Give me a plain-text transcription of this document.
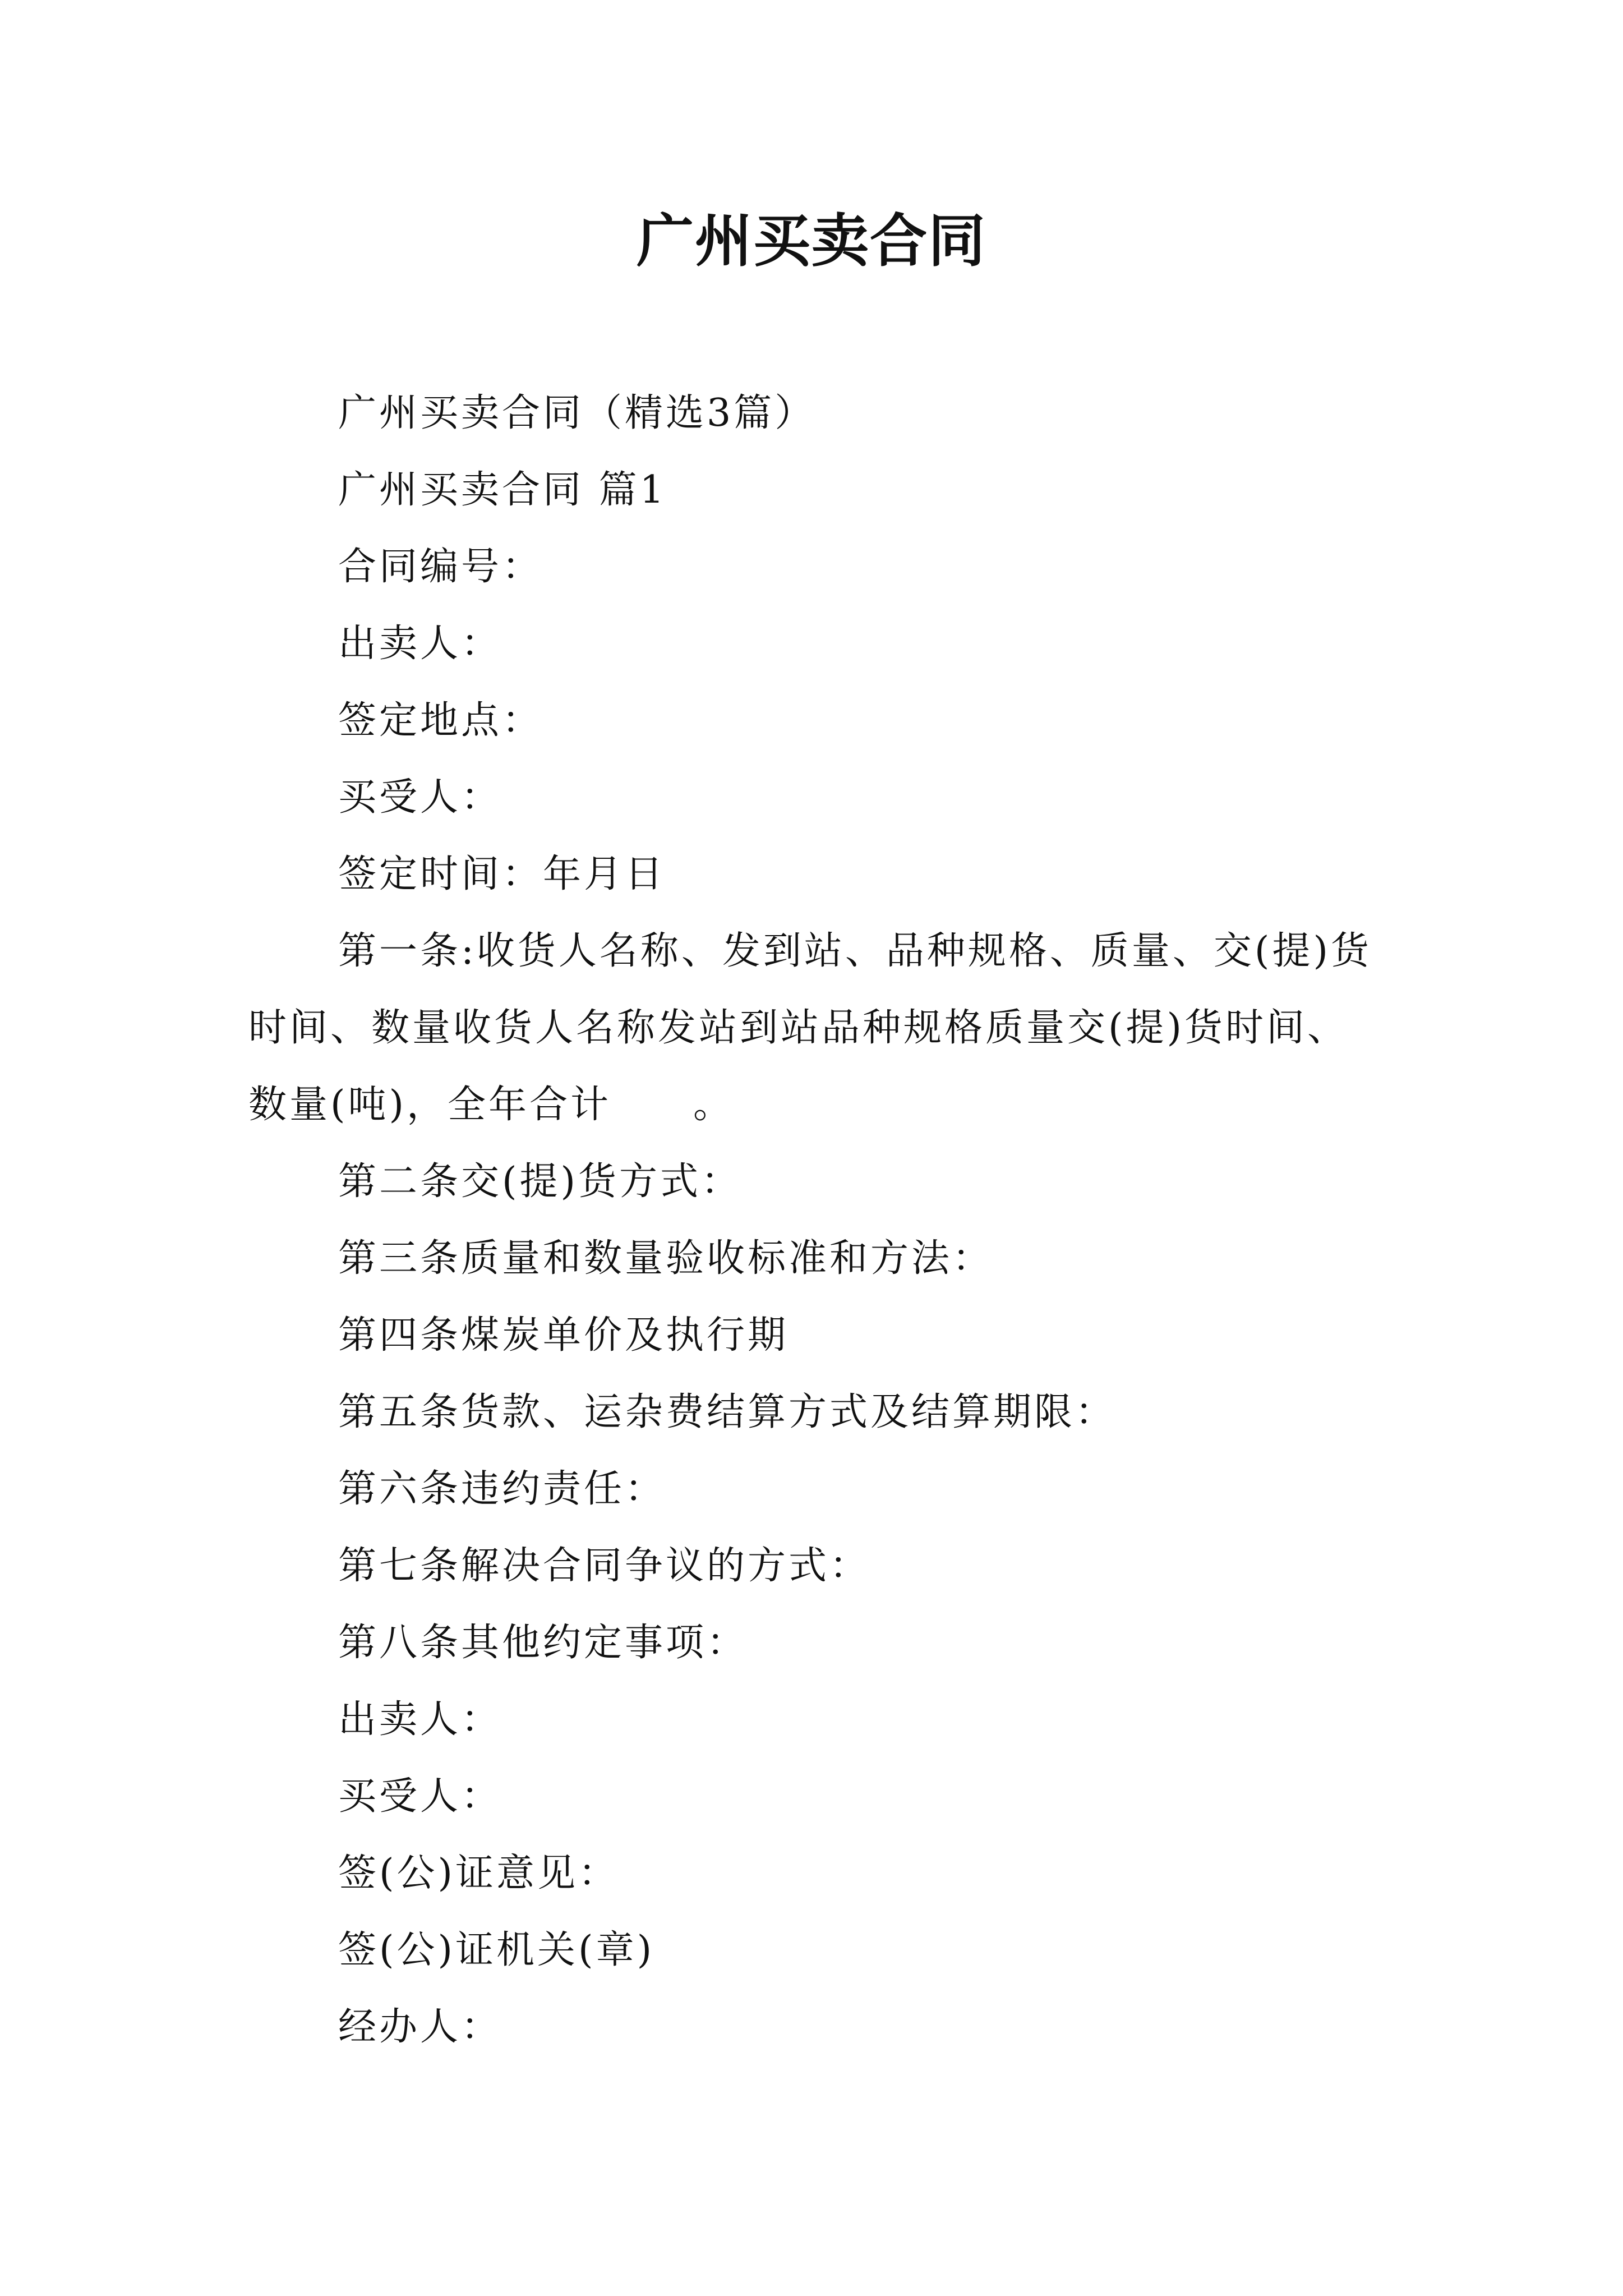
广州买卖合同

广州买卖合同（精选3篇）

广州买卖合同 篇1

合同编号：

出卖人：

签定地点：

买受人：

签定时间：年月日

第一条:收货人名称、发到站、品种规格、质量、交(提)货时间、数量收货人名称发站到站品种规格质量交(提)货时间、数量(吨)，全年合计　　。

第二条交(提)货方式：

第三条质量和数量验收标准和方法：

第四条煤炭单价及执行期

第五条货款、运杂费结算方式及结算期限：

第六条违约责任：

第七条解决合同争议的方式：

第八条其他约定事项：

出卖人：

买受人：

签(公)证意见：

签(公)证机关(章)

经办人：
